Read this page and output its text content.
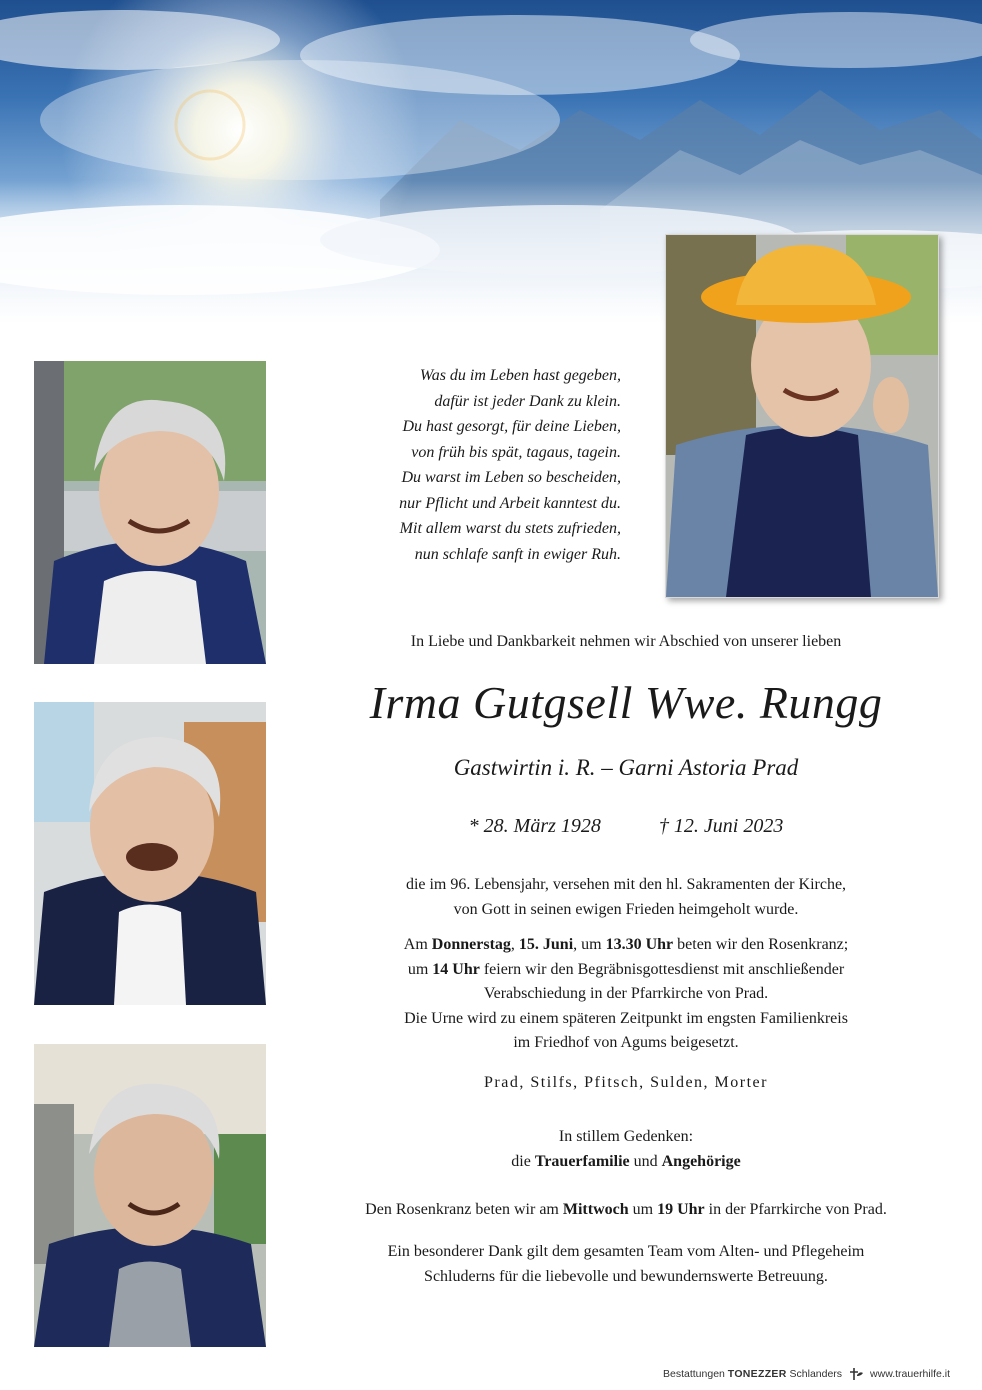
Was du im Leben hast gegeben,
dafür ist jeder Dank zu klein.
Du hast gesorgt, für deine Lieben,
von früh bis spät, tagaus, tagein.
Du warst im Leben so bescheiden,
nur Pflicht und Arbeit kanntest du.
Mit allem warst du stets zufrieden,
nun schlafe sanft in ewiger Ruh.
In Liebe und Dankbarkeit nehmen wir Abschied von unserer lieben
Irma Gutgsell Wwe. Rungg
Gastwirtin i. R. – Garni Astoria Prad
* 28. März 1928	† 12. Juni 2023
die im 96. Lebensjahr, versehen mit den hl. Sakramenten der Kirche,
von Gott in seinen ewigen Frieden heimgeholt wurde.
Am Donnerstag, 15. Juni, um 13.30 Uhr beten wir den Rosenkranz;
um 14 Uhr feiern wir den Begräbnisgottesdienst mit anschließender
Verabschiedung in der Pfarrkirche von Prad.
Die Urne wird zu einem späteren Zeitpunkt im engsten Familienkreis
im Friedhof von Agums beigesetzt.
Prad, Stilfs, Pfitsch, Sulden, Morter
In stillem Gedenken:
die Trauerfamilie und Angehörige
Den Rosenkranz beten wir am Mittwoch um 19 Uhr in der Pfarrkirche von Prad.
Ein besonderer Dank gilt dem gesamten Team vom Alten- und Pflegeheim
Schluderns für die liebevolle und bewundernswerte Betreuung.
Bestattungen TONEZZER Schlanders	www.trauerhilfe.it
